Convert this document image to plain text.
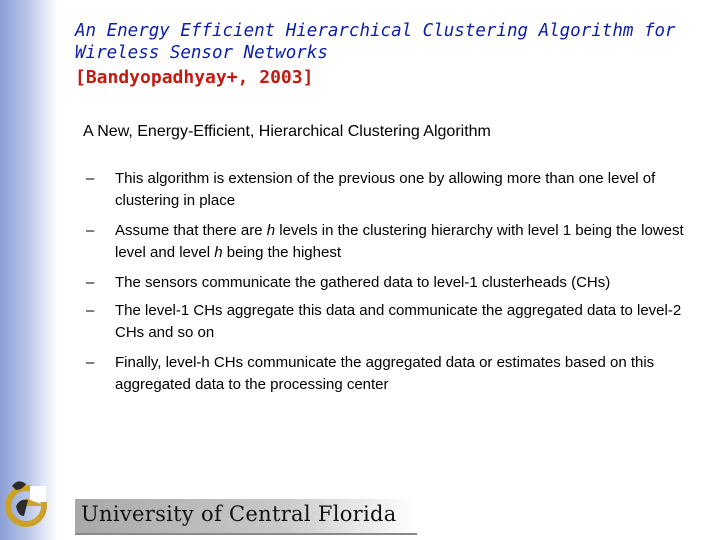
An Energy Efficient Hierarchical Clustering Algorithm for
Wireless Sensor Networks
[Bandyopadhyay+, 2003]
A New, Energy-Efficient, Hierarchical Clustering Algorithm
– This algorithm is extension of the previous one by allowing more than one level of clustering in place
– Assume that there are h levels in the clustering hierarchy with level 1 being the lowest level and level h being the highest
– The sensors communicate the gathered data to level-1 clusterheads (CHs)
– The level-1 CHs aggregate this data and communicate the aggregated data to level-2 CHs and so on
– Finally, level-h CHs communicate the aggregated data or estimates based on this aggregated data to the processing center
University of Central Florida
